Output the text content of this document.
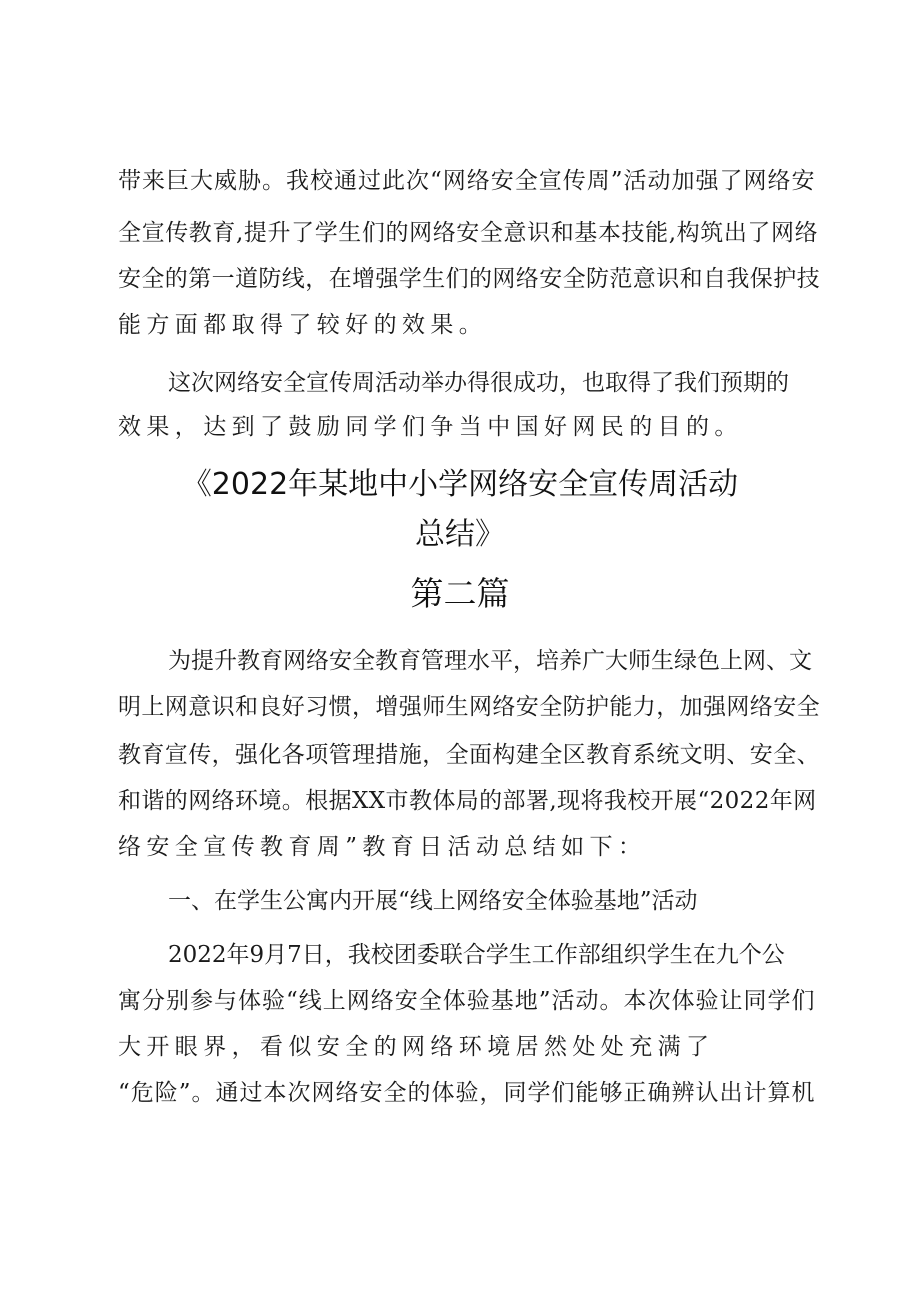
带来巨大威胁。我校通过此次“网络安全宣传周”活动加强了网络安
全宣传教育,提升了学生们的网络安全意识和基本技能,构筑出了网络
安全的第一道防线，在增强学生们的网络安全防范意识和自我保护技
能方面都取得了较好的效果。
这次网络安全宣传周活动举办得很成功，也取得了我们预期的
效果，达到了鼓励同学们争当中国好网民的目的。
《2022年某地中小学网络安全宣传周活动
总结》
第二篇
为提升教育网络安全教育管理水平，培养广大师生绿色上网、文
明上网意识和良好习惯，增强师生网络安全防护能力，加强网络安全
教育宣传，强化各项管理措施，全面构建全区教育系统文明、安全、
和谐的网络环境。根据XX市教体局的部署,现将我校开展“2022年网
络安全宣传教育周”教育日活动总结如下：
一、在学生公寓内开展“线上网络安全体验基地”活动
2022年9月7日，我校团委联合学生工作部组织学生在九个公
寓分别参与体验“线上网络安全体验基地”活动。本次体验让同学们
大开眼界，看似安全的网络环境居然处处充满了
“危险”。通过本次网络安全的体验，同学们能够正确辨认出计算机
